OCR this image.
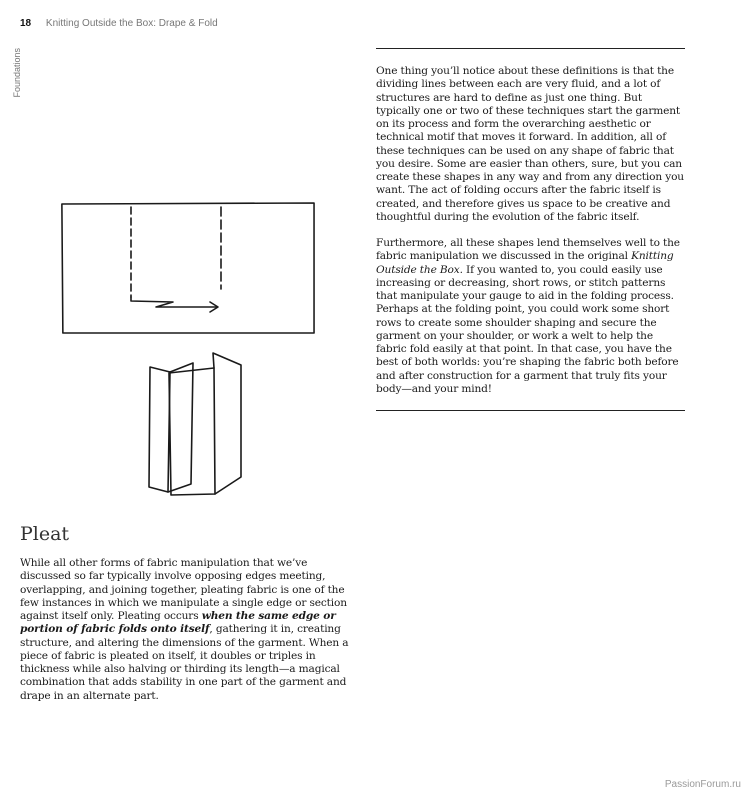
18 Knitting Outside the Box: Drape & Fold
Foundations	One thing you’ll notice about these definitions is that the dividing lines between each are very fluid, and a lot of structures are hard to define as just one thing. But typically one or two of these techniques start the garment on its process and form the overarching aesthetic or technical motif that moves it forward. In addition, all of these techniques can be used on any shape of fabric that you desire. Some are easier than others, sure, but you can create these shapes in any way and from any direction you want. The act of folding occurs after the fabric itself is created, and therefore gives us space to be creative and thoughtful during the evolution of the fabric itself.

Furthermore, all these shapes lend themselves well to the fabric manipulation we discussed in the original Knitting Outside the Box. If you wanted to, you could easily use increasing or decreasing, short rows, or stitch patterns that manipulate your gauge to aid in the folding process. Perhaps at the folding point, you could work some short rows to create some shoulder shaping and secure the garment on your shoulder, or work a welt to help the fabric fold easily at that point. In that case, you have the best of both worlds: you’re shaping the fabric both before and after construction for a garment that truly fits your body—and your mind!

Pleat

While all other forms of fabric manipulation that we’ve discussed so far typically involve opposing edges meeting, overlapping, and joining together, pleating fabric is one of the few instances in which we manipulate a single edge or section against itself only. Pleating occurs when the same edge or portion of fabric folds onto itself, gathering it in, creating structure, and altering the dimensions of the garment. When a piece of fabric is pleated on itself, it doubles or triples in thickness while also halving or thirding its length—a magical combination that adds stability in one part of the garment and drape in an alternate part.

PassionForum.ru
